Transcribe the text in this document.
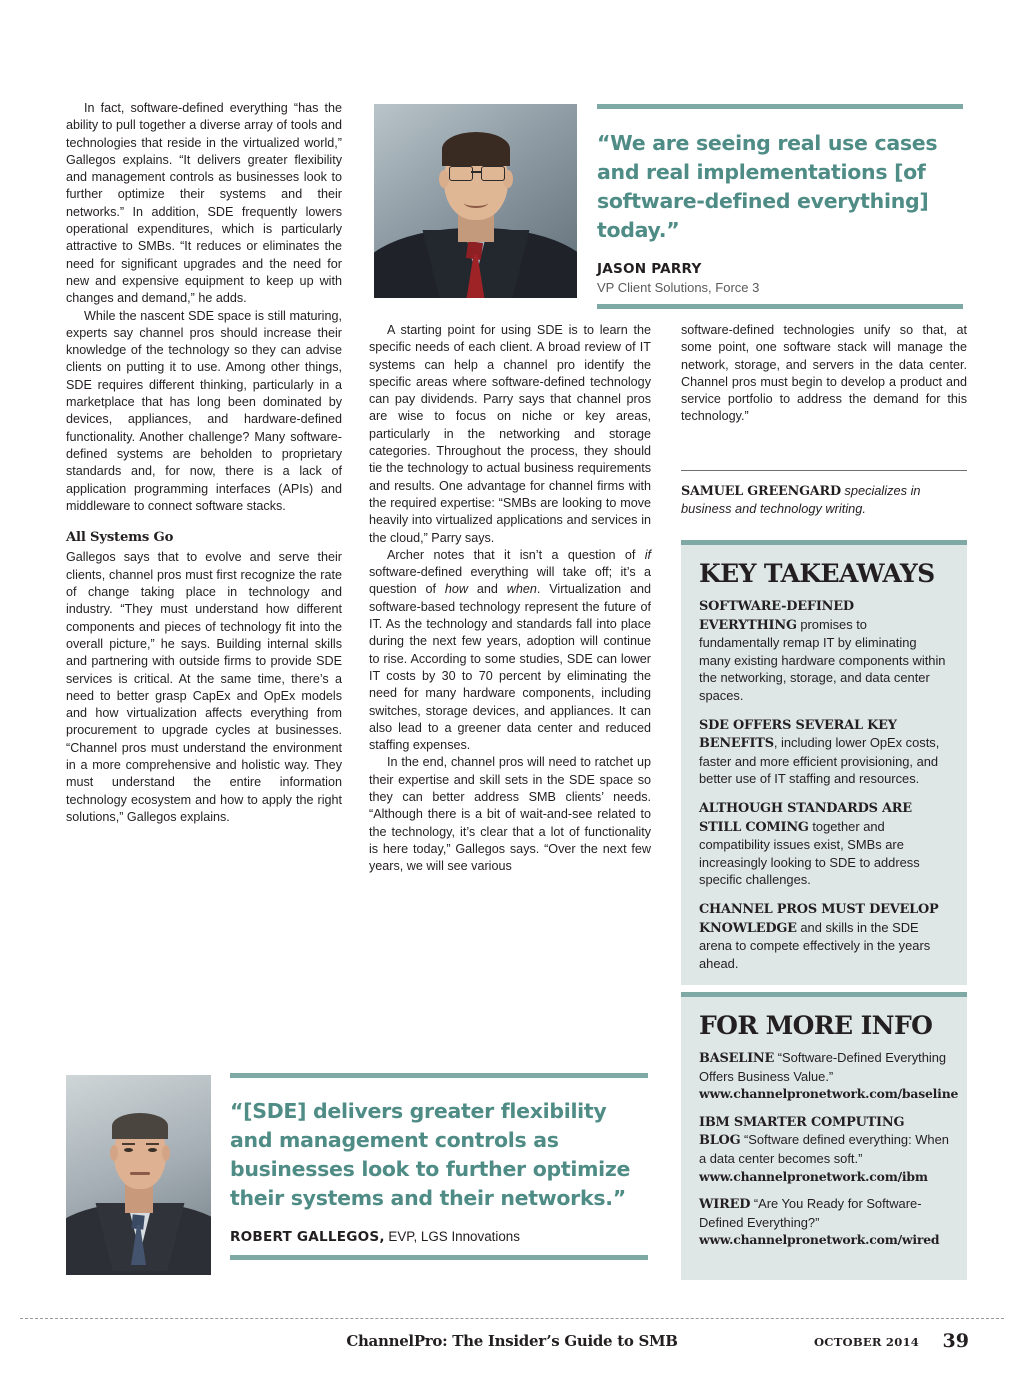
In fact, software-defined everything “has the ability to pull together a diverse array of tools and technologies that reside in the virtualized world,” Gallegos explains. “It delivers greater flexibility and management controls as businesses look to further optimize their systems and their networks.” In addition, SDE frequently lowers operational expenditures, which is particularly attractive to SMBs. “It reduces or eliminates the need for significant upgrades and the need for new and expensive equipment to keep up with changes and demand,” he adds.

While the nascent SDE space is still maturing, experts say channel pros should increase their knowledge of the technology so they can advise clients on putting it to use. Among other things, SDE requires different thinking, particularly in a marketplace that has long been dominated by devices, appliances, and hardware-defined functionality. Another challenge? Many software-defined systems are beholden to proprietary standards and, for now, there is a lack of application programming interfaces (APIs) and middleware to connect software stacks.

All Systems Go

Gallegos says that to evolve and serve their clients, channel pros must first recognize the rate of change taking place in technology and industry. “They must understand how different components and pieces of technology fit into the overall picture,” he says. Building internal skills and partnering with outside firms to provide SDE services is critical. At the same time, there’s a need to better grasp CapEx and OpEx models and how virtualization affects everything from procurement to upgrade cycles at businesses. “Channel pros must understand the environment in a more comprehensive and holistic way. They must understand the entire information technology ecosystem and how to apply the right solutions,” Gallegos explains.

“We are seeing real use cases and real implementations [of software-defined everything] today.”
JASON PARRY
VP Client Solutions, Force 3

A starting point for using SDE is to learn the specific needs of each client. A broad review of IT systems can help a channel pro identify the specific areas where software-defined technology can pay dividends. Parry says that channel pros are wise to focus on niche or key areas, particularly in the networking and storage categories. Throughout the process, they should tie the technology to actual business requirements and results. One advantage for channel firms with the required expertise: “SMBs are looking to move heavily into virtualized applications and services in the cloud,” Parry says.

Archer notes that it isn’t a question of if software-defined everything will take off; it’s a question of how and when. Virtualization and software-based technology represent the future of IT. As the technology and standards fall into place during the next few years, adoption will continue to rise. According to some studies, SDE can lower IT costs by 30 to 70 percent by eliminating the need for many hardware components, including switches, storage devices, and appliances. It can also lead to a greener data center and reduced staffing expenses.

In the end, channel pros will need to ratchet up their expertise and skill sets in the SDE space so they can better address SMB clients’ needs. “Although there is a bit of wait-and-see related to the technology, it’s clear that a lot of functionality is here today,” Gallegos says. “Over the next few years, we will see various

software-defined technologies unify so that, at some point, one software stack will manage the network, storage, and servers in the data center. Channel pros must begin to develop a product and service portfolio to address the demand for this technology.”

SAMUEL GREENGARD specializes in business and technology writing.
KEY TAKEAWAYS
SOFTWARE-DEFINED EVERYTHING promises to fundamentally remap IT by eliminating many existing hardware components within the networking, storage, and data center spaces.
SDE OFFERS SEVERAL KEY BENEFITS, including lower OpEx costs, faster and more efficient provisioning, and better use of IT staffing and resources.
ALTHOUGH STANDARDS ARE STILL COMING together and compatibility issues exist, SMBs are increasingly looking to SDE to address specific challenges.
CHANNEL PROS MUST DEVELOP KNOWLEDGE and skills in the SDE arena to compete effectively in the years ahead.
FOR MORE INFO
BASELINE “Software-Defined Everything Offers Business Value.”
www.channelpronetwork.com/baseline
IBM SMARTER COMPUTING BLOG “Software defined everything: When a data center becomes soft.”
www.channelpronetwork.com/ibm
WIRED “Are You Ready for Software-Defined Everything?”
www.channelpronetwork.com/wired
“[SDE] delivers greater flexibility and management controls as businesses look to further optimize their systems and their networks.”
ROBERT GALLEGOS, EVP, LGS Innovations
ChannelPro: The Insider’s Guide to SMB	OCTOBER 2014 39
